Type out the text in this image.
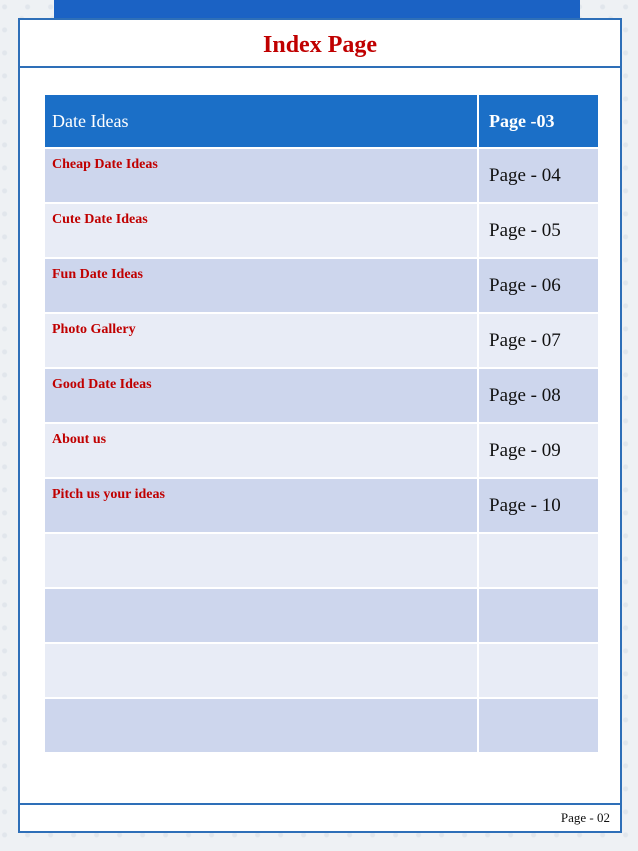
Index Page
Date Ideas	Page -03
Cheap Date Ideas	Page - 04
Cute Date Ideas	Page - 05
Fun Date Ideas	Page - 06
Photo Gallery	Page - 07
Good Date Ideas	Page - 08
About us	Page - 09
Pitch us your ideas	Page - 10

Page - 02
